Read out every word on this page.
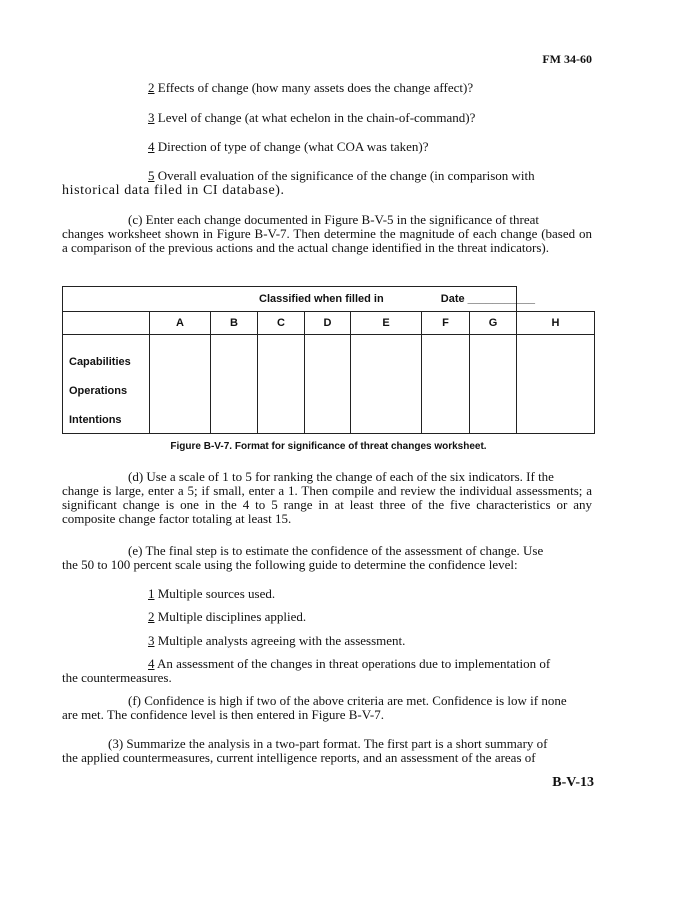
FM 34-60
2 Effects of change (how many assets does the change affect)?
3 Level of change (at what echelon in the chain-of-command)?
4 Direction of type of change (what COA was taken)?
5 Overall evaluation of the significance of the change (in comparison with
historical data filed in CI database).
(c) Enter each change documented in Figure B-V-5 in the significance of threat
changes worksheet shown in Figure B-V-7. Then determine the magnitude of each change (based on a comparison of the previous actions and the actual change identified in the threat indicators).
Classified when filled in Date ___________								
	A	B	C	D	E	F	G	H

Capabilities
Operations
Intentions								

Figure B-V-7. Format for significance of threat changes worksheet.
(d) Use a scale of 1 to 5 for ranking the change of each of the six indicators. If the
change is large, enter a 5; if small, enter a 1. Then compile and review the individual assessments; a significant change is one in the 4 to 5 range in at least three of the five characteristics or any composite change factor totaling at least 15.
(e) The final step is to estimate the confidence of the assessment of change. Use
the 50 to 100 percent scale using the following guide to determine the confidence level:
1 Multiple sources used.
2 Multiple disciplines applied.
3 Multiple analysts agreeing with the assessment.
4 An assessment of the changes in threat operations due to implementation of
the countermeasures.
(f) Confidence is high if two of the above criteria are met. Confidence is low if none
are met. The confidence level is then entered in Figure B-V-7.
(3) Summarize the analysis in a two-part format. The first part is a short summary of
the applied countermeasures, current intelligence reports, and an assessment of the areas of
B-V-13
